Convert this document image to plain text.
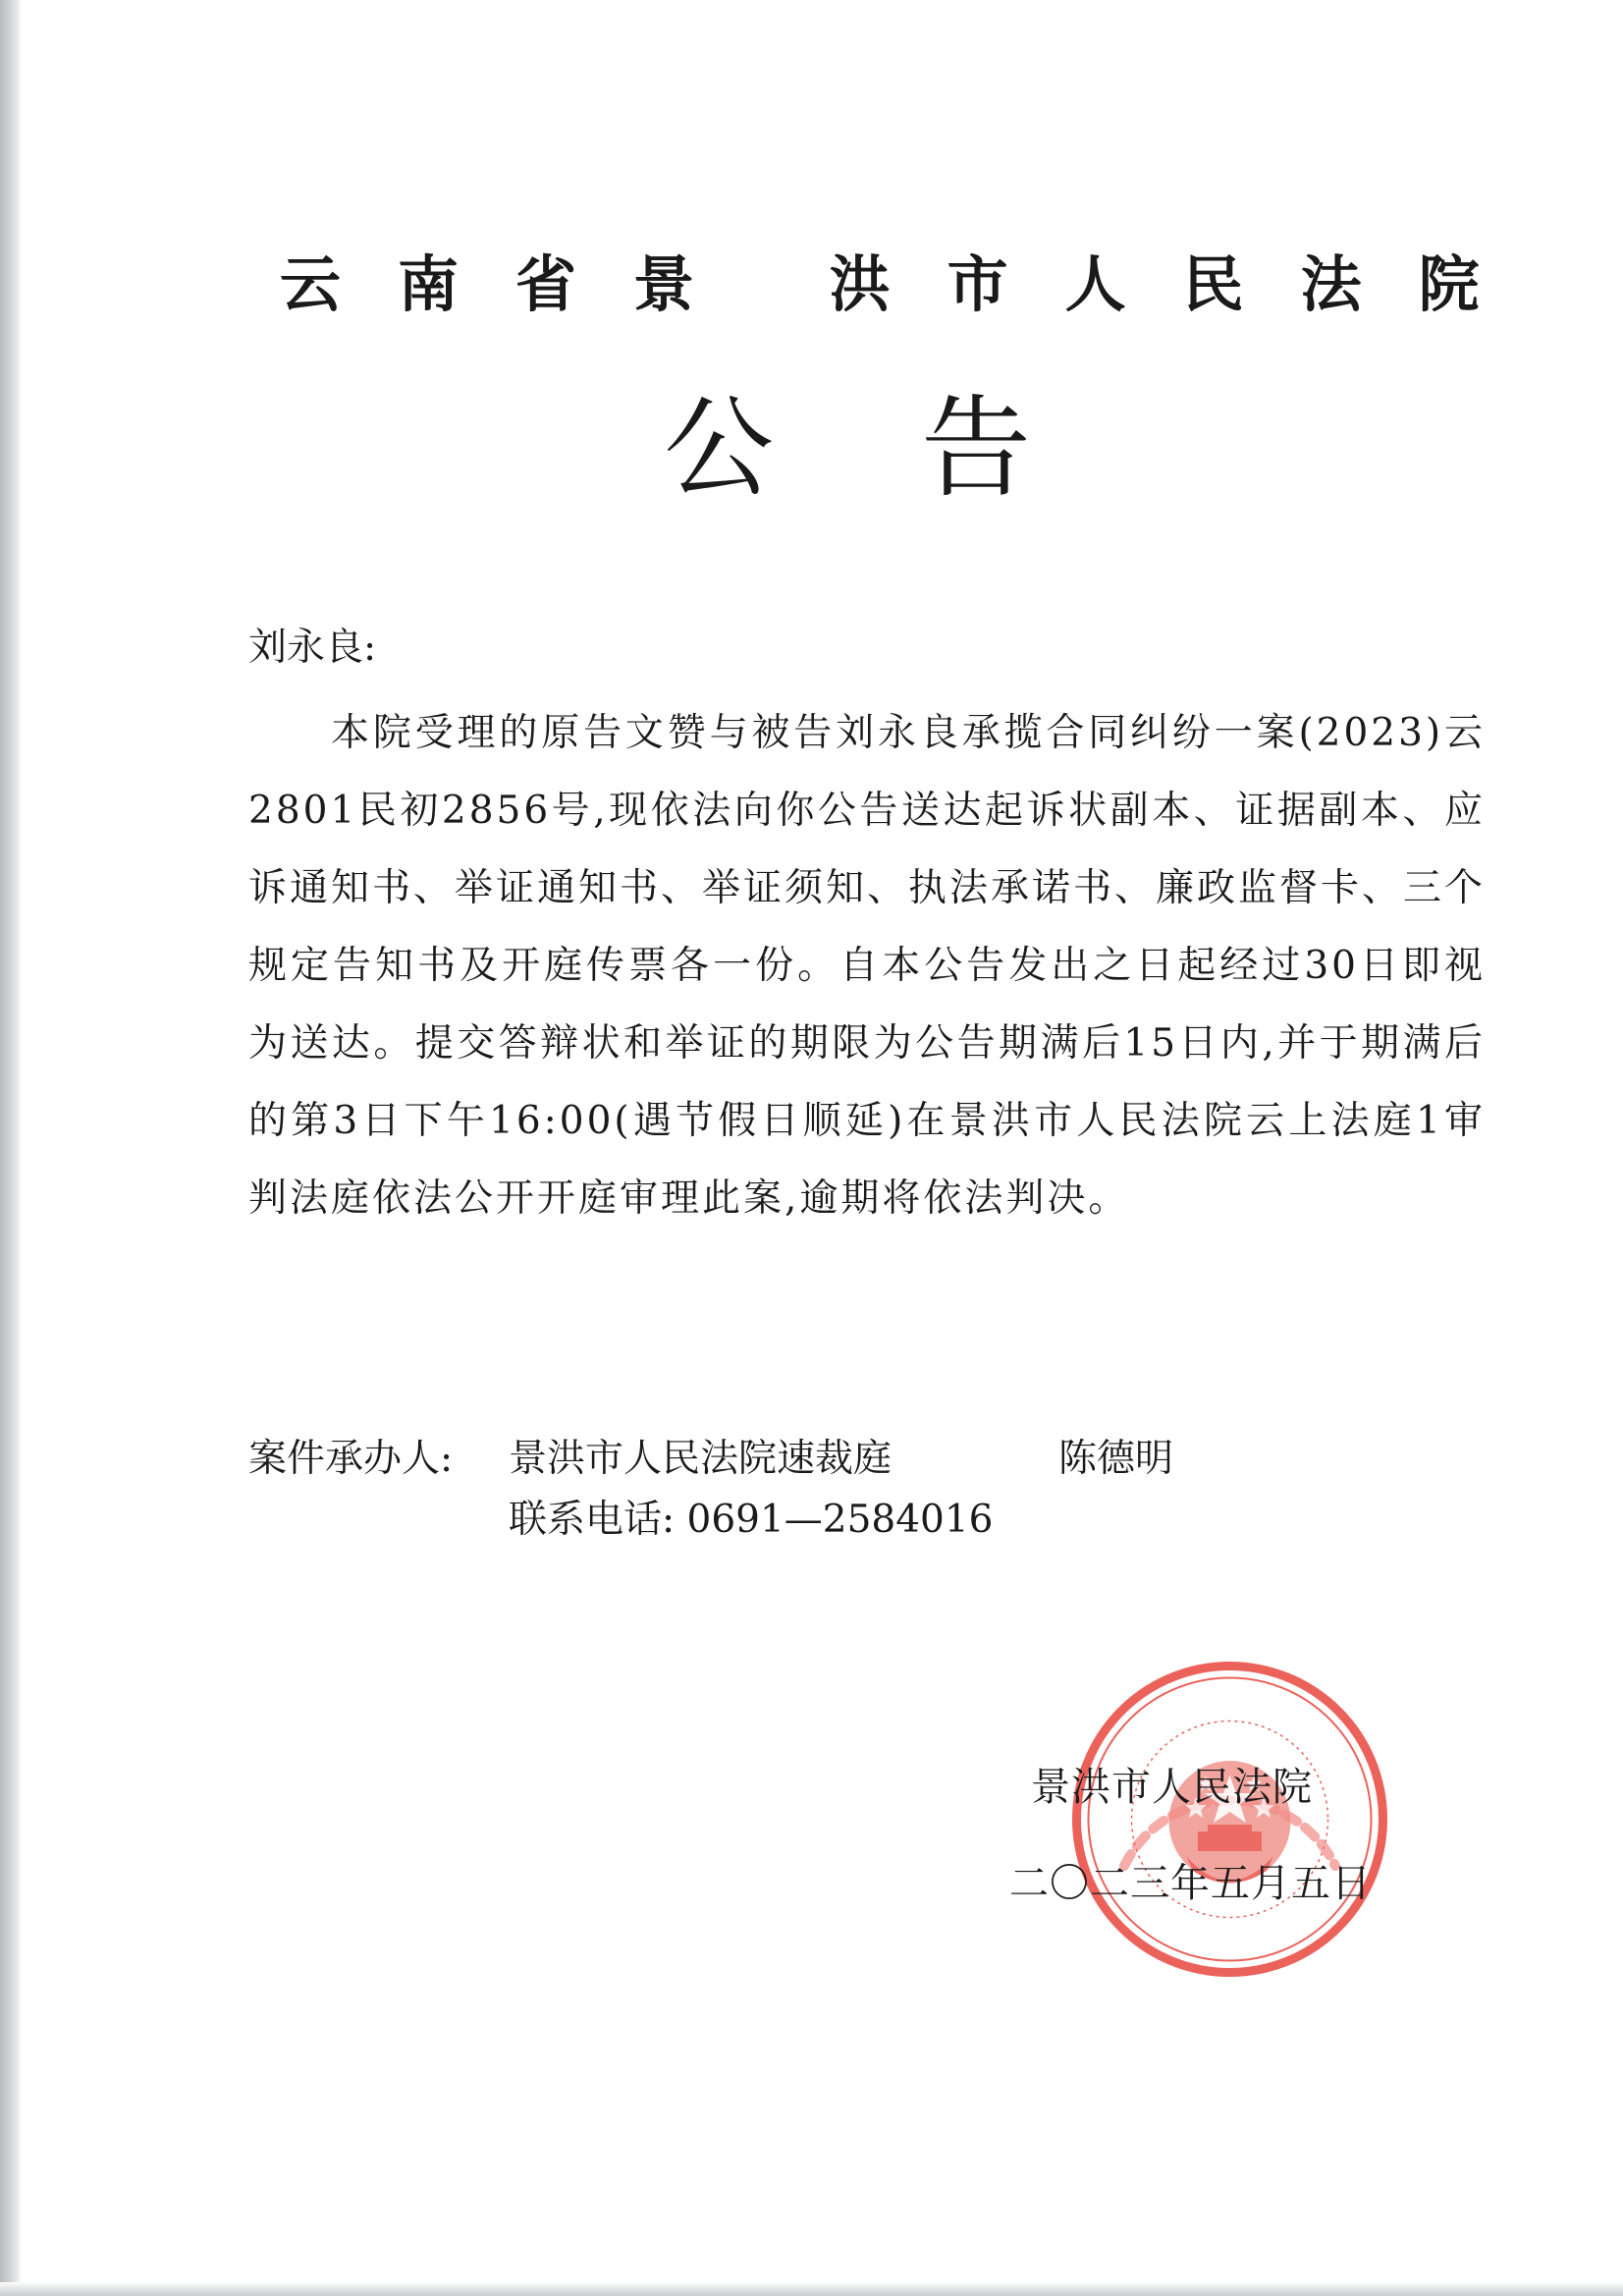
云南省景 洪市人民法院
公告
刘永良:
本院受理的原告文赞与被告刘永良承揽合同纠纷一案(2023)云2801民初2856号,现依法向你公告送达起诉状副本、证据副本、应诉通知书、举证通知书、举证须知、执法承诺书、廉政监督卡、三个规定告知书及开庭传票各一份。自本公告发出之日起经过30日即视为送达。提交答辩状和举证的期限为公告期满后15日内,并于期满后的第3日下午16:00(遇节假日顺延)在景洪市人民法院云上法庭1审判法庭依法公开开庭审理此案,逾期将依法判决。
案件承办人: 景洪市人民法院速裁庭	陈德明
联系电话: 0691—2584016
景洪市人民法院
二〇二三年五月五日
